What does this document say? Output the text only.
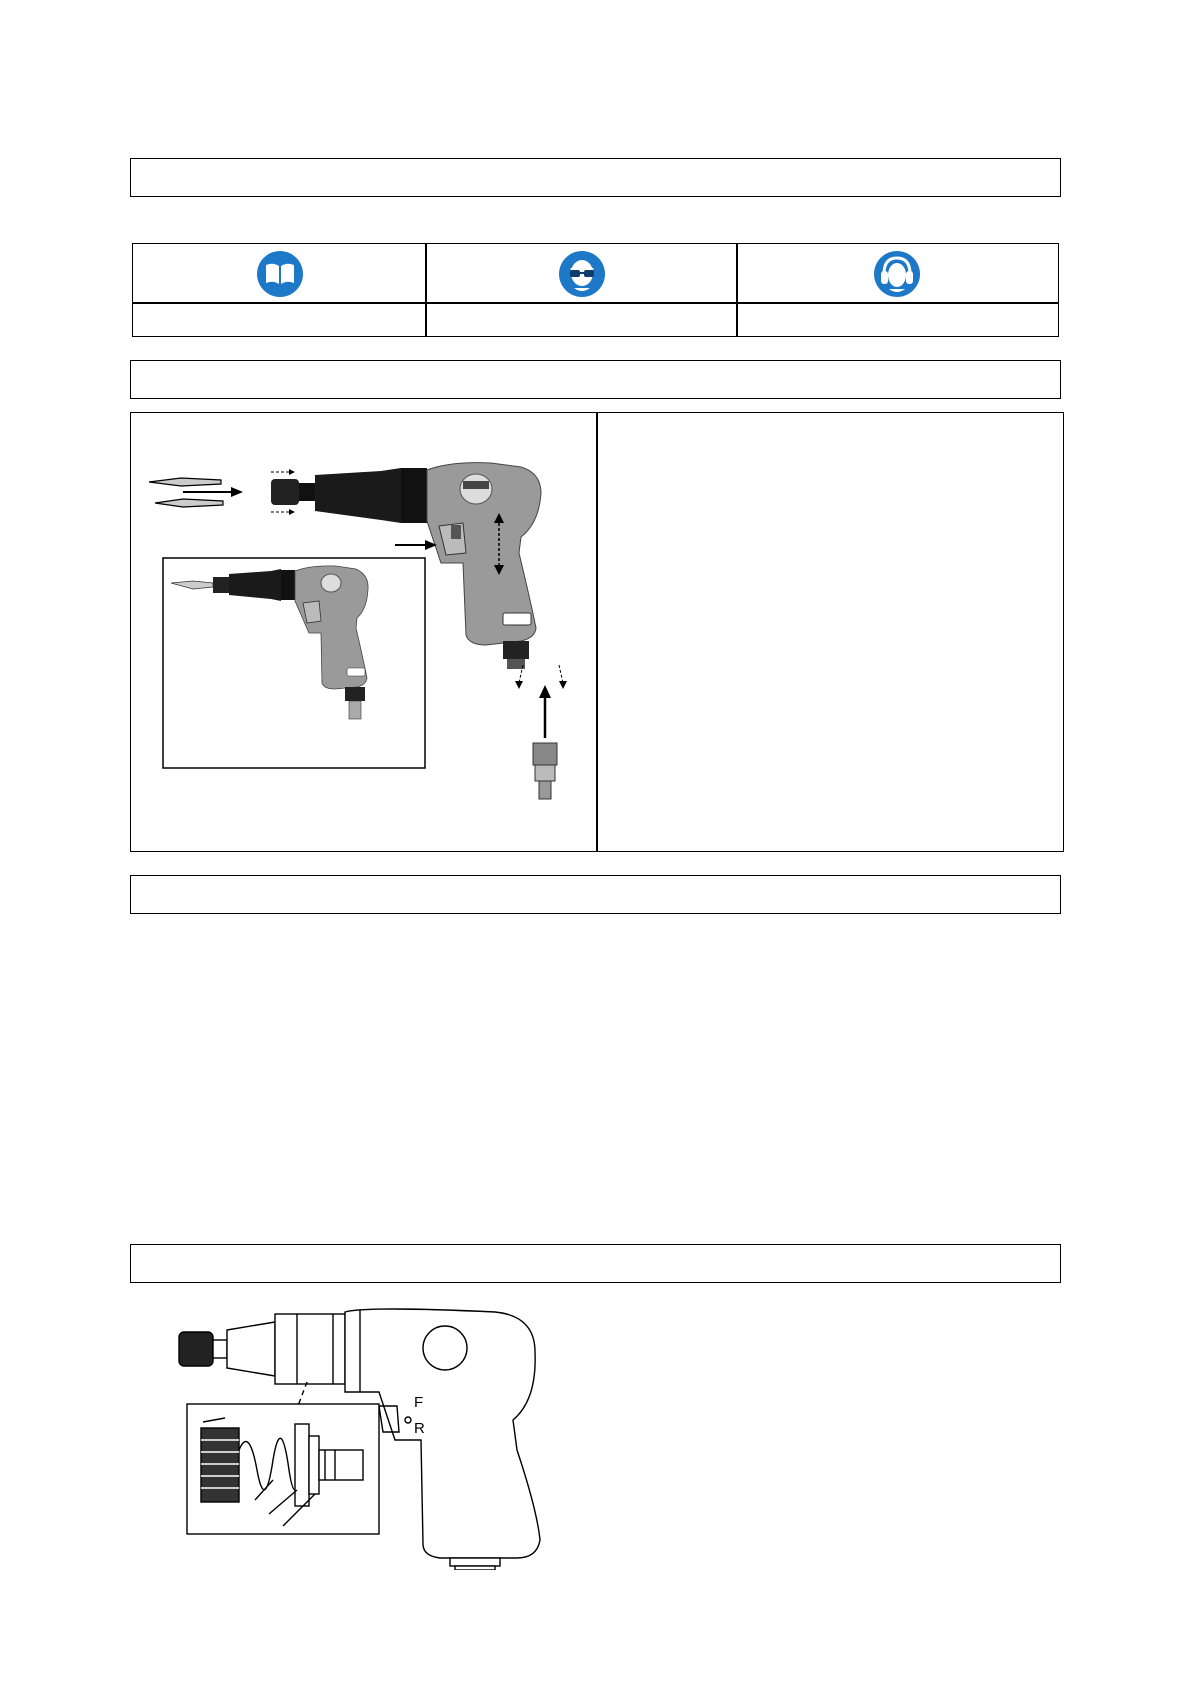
F
R
